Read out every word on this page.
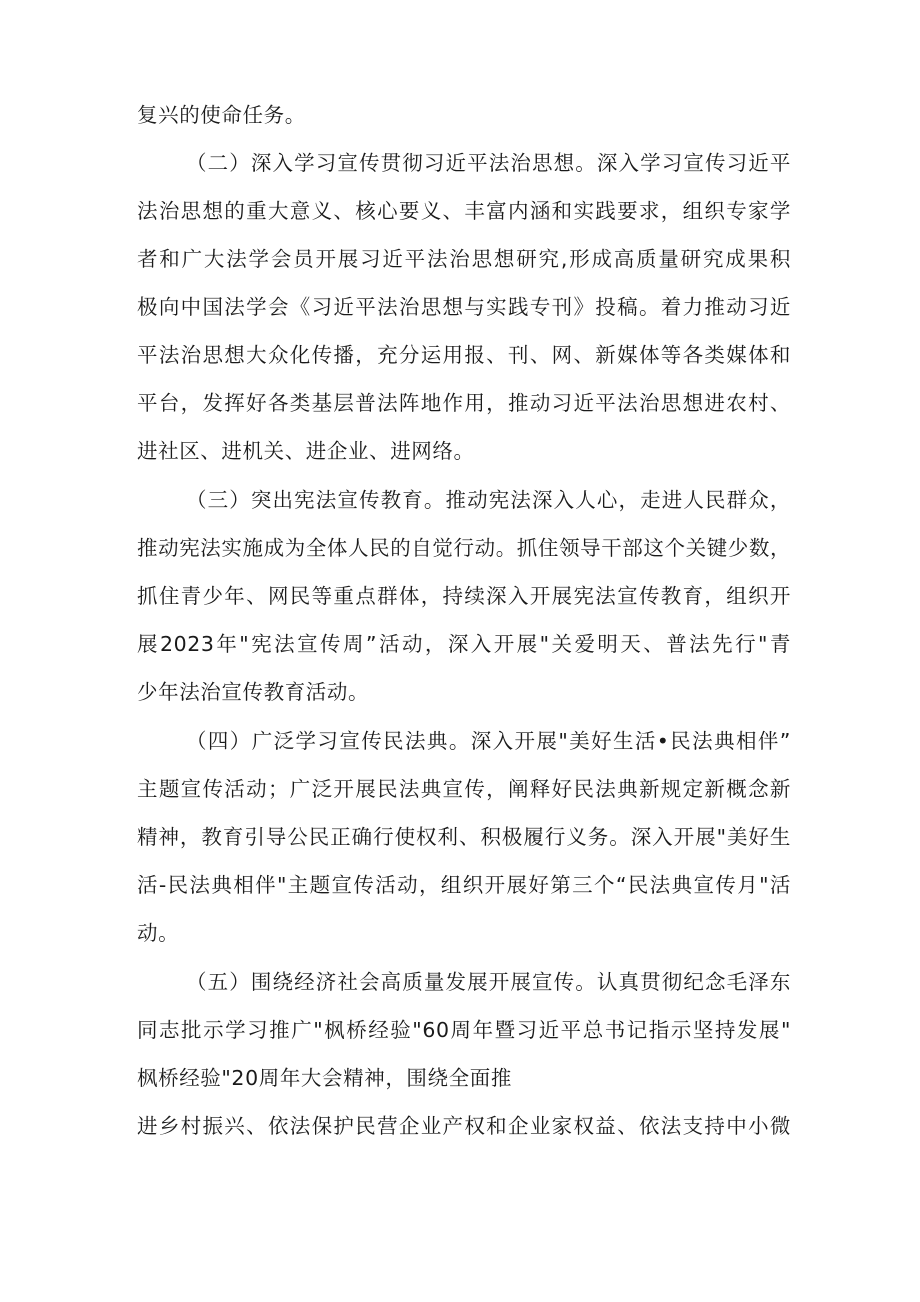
复兴的使命任务。
（二）深入学习宣传贯彻习近平法治思想。深入学习宣传习近平
法治思想的重大意义、核心要义、丰富内涵和实践要求，组织专家学
者和广大法学会员开展习近平法治思想研究,形成高质量研究成果积
极向中国法学会《习近平法治思想与实践专刊》投稿。着力推动习近
平法治思想大众化传播，充分运用报、刊、网、新媒体等各类媒体和
平台，发挥好各类基层普法阵地作用，推动习近平法治思想进农村、
进社区、进机关、进企业、进网络。
（三）突出宪法宣传教育。推动宪法深入人心，走进人民群众，
推动宪法实施成为全体人民的自觉行动。抓住领导干部这个关键少数，
抓住青少年、网民等重点群体，持续深入开展宪法宣传教育，组织开
展2023年"宪法宣传周”活动，深入开展"关爱明天、普法先行"青
少年法治宣传教育活动。
（四）广泛学习宣传民法典。深入开展"美好生活•民法典相伴”
主题宣传活动；广泛开展民法典宣传，阐释好民法典新规定新概念新
精神，教育引导公民正确行使权利、积极履行义务。深入开展"美好生
活-民法典相伴"主题宣传活动，组织开展好第三个“民法典宣传月"活
动。
（五）围绕经济社会高质量发展开展宣传。认真贯彻纪念毛泽东
同志批示学习推广"枫桥经验"60周年暨习近平总书记指示坚持发展"
枫桥经验"20周年大会精神，围绕全面推
进乡村振兴、依法保护民营企业产权和企业家权益、依法支持中小微
